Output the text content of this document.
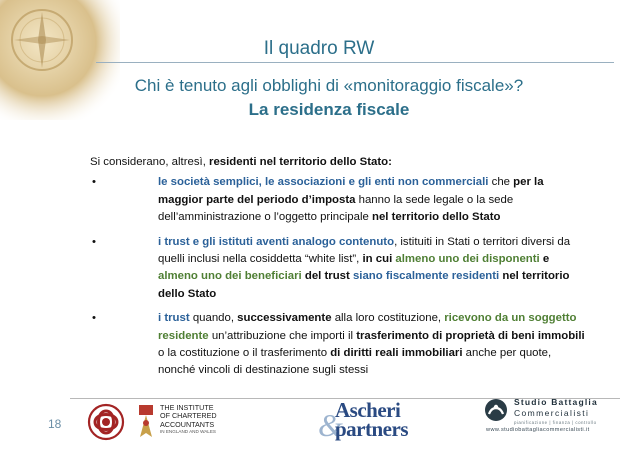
Il quadro RW
Chi è tenuto agli obblighi di «monitoraggio fiscale»?
La residenza fiscale

Si considerano, altresì, residenti nel territorio dello Stato:

•	le società semplici, le associazioni e gli enti non commerciali che per la maggior parte del periodo d’imposta hanno la sede legale o la sede dell’amministrazione o l’oggetto principale nel territorio dello Stato
•	i trust e gli istituti aventi analogo contenuto, istituiti in Stati o territori diversi da quelli inclusi nella cosiddetta “white list”, in cui almeno uno dei disponenti e almeno uno dei beneficiari del trust siano fiscalmente residenti nel territorio dello Stato
•	i trust quando, successivamente alla loro costituzione, ricevono da un soggetto residente un’attribuzione che importi il trasferimento di proprietà di beni immobili o la costituzione o il trasferimento di diritti reali immobiliari anche per quote, nonché vincoli di destinazione sugli stessi
18
THE INSTITUTE
OF CHARTERED
ACCOUNTANTS
IN ENGLAND AND WALES	&
Ascheri
partners
Studio Battaglia
Commercialisti
pianificazione | finanza | controllo
www.studiobattagliacommercialisti.it
